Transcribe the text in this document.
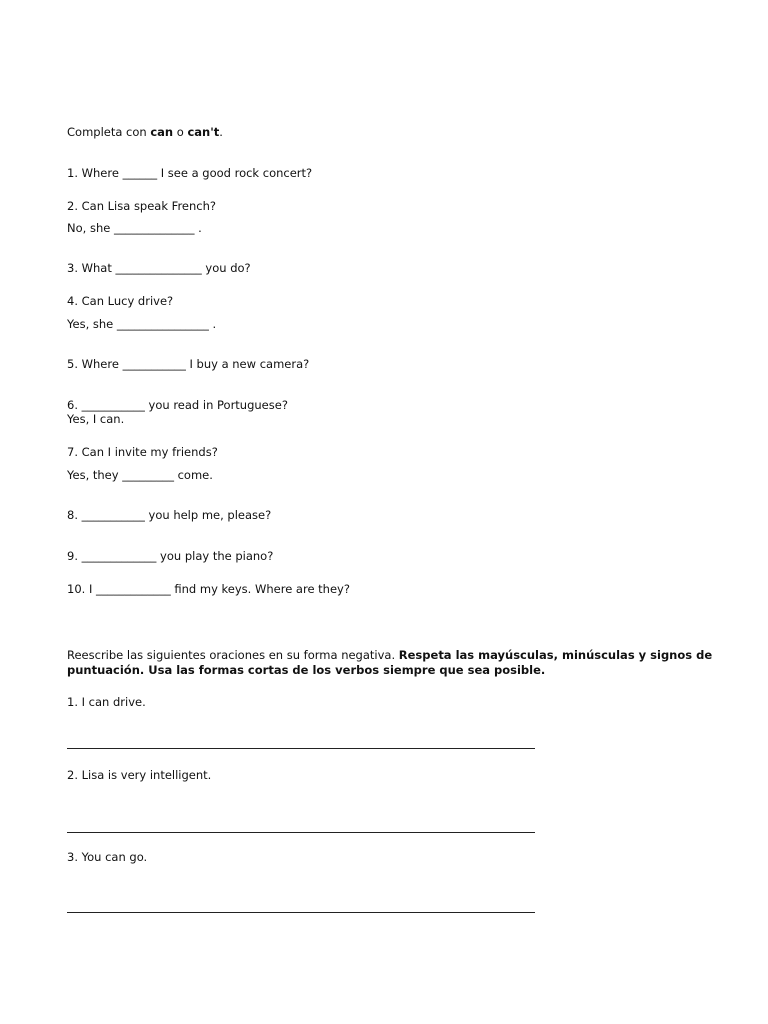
Completa con can o can't.
1. Where ______ I see a good rock concert?
2. Can Lisa speak French?
No, she ______________ .
3. What _______________ you do?
4. Can Lucy drive?
Yes, she ________________ .
5. Where ___________ I buy a new camera?
6. ___________ you read in Portuguese?
Yes, I can.
7. Can I invite my friends?
Yes, they _________ come.
8. ___________ you help me, please?
9. _____________ you play the piano?
10. I _____________ find my keys. Where are they?
Reescribe las siguientes oraciones en su forma negativa. Respeta las mayúsculas, minúsculas y signos de
puntuación. Usa las formas cortas de los verbos siempre que sea posible.
1. I can drive.
2. Lisa is very intelligent.
3. You can go.
